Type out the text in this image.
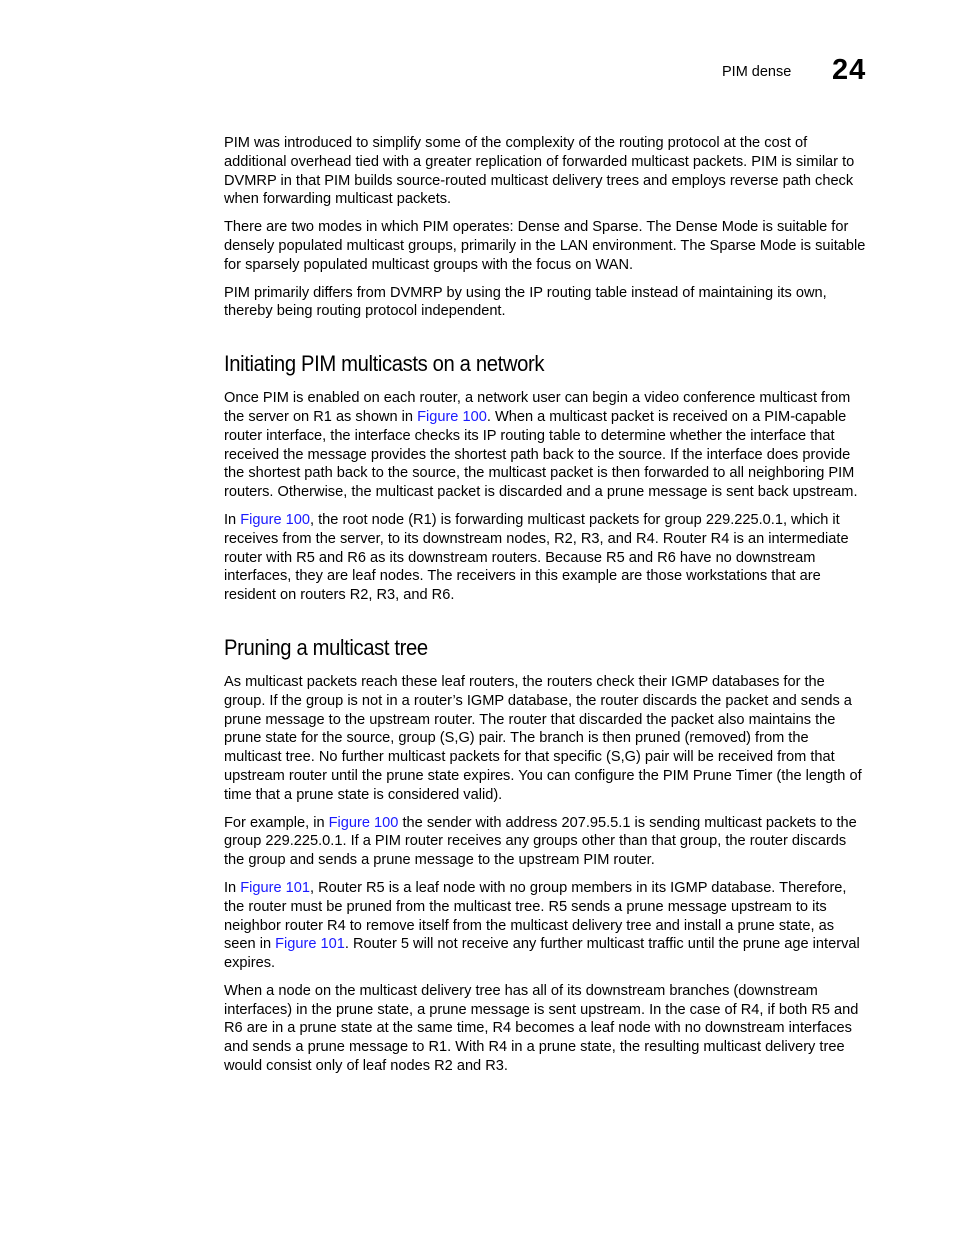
PIM dense 24

PIM was introduced to simplify some of the complexity of the routing protocol at the cost of additional overhead tied with a greater replication of forwarded multicast packets. PIM is similar to DVMRP in that PIM builds source-routed multicast delivery trees and employs reverse path check when forwarding multicast packets.

There are two modes in which PIM operates: Dense and Sparse. The Dense Mode is suitable for densely populated multicast groups, primarily in the LAN environment. The Sparse Mode is suitable for sparsely populated multicast groups with the focus on WAN.

PIM primarily differs from DVMRP by using the IP routing table instead of maintaining its own, thereby being routing protocol independent.

Initiating PIM multicasts on a network

Once PIM is enabled on each router, a network user can begin a video conference multicast from the server on R1 as shown in Figure 100. When a multicast packet is received on a PIM-capable router interface, the interface checks its IP routing table to determine whether the interface that received the message provides the shortest path back to the source. If the interface does provide the shortest path back to the source, the multicast packet is then forwarded to all neighboring PIM routers. Otherwise, the multicast packet is discarded and a prune message is sent back upstream.

In Figure 100, the root node (R1) is forwarding multicast packets for group 229.225.0.1, which it receives from the server, to its downstream nodes, R2, R3, and R4. Router R4 is an intermediate router with R5 and R6 as its downstream routers. Because R5 and R6 have no downstream interfaces, they are leaf nodes. The receivers in this example are those workstations that are resident on routers R2, R3, and R6.

Pruning a multicast tree

As multicast packets reach these leaf routers, the routers check their IGMP databases for the group. If the group is not in a router’s IGMP database, the router discards the packet and sends a prune message to the upstream router. The router that discarded the packet also maintains the prune state for the source, group (S,G) pair. The branch is then pruned (removed) from the multicast tree. No further multicast packets for that specific (S,G) pair will be received from that upstream router until the prune state expires. You can configure the PIM Prune Timer (the length of time that a prune state is considered valid).

For example, in Figure 100 the sender with address 207.95.5.1 is sending multicast packets to the group 229.225.0.1. If a PIM router receives any groups other than that group, the router discards the group and sends a prune message to the upstream PIM router.

In Figure 101, Router R5 is a leaf node with no group members in its IGMP database. Therefore, the router must be pruned from the multicast tree. R5 sends a prune message upstream to its neighbor router R4 to remove itself from the multicast delivery tree and install a prune state, as seen in Figure 101. Router 5 will not receive any further multicast traffic until the prune age interval expires.

When a node on the multicast delivery tree has all of its downstream branches (downstream interfaces) in the prune state, a prune message is sent upstream. In the case of R4, if both R5 and R6 are in a prune state at the same time, R4 becomes a leaf node with no downstream interfaces and sends a prune message to R1. With R4 in a prune state, the resulting multicast delivery tree would consist only of leaf nodes R2 and R3.
